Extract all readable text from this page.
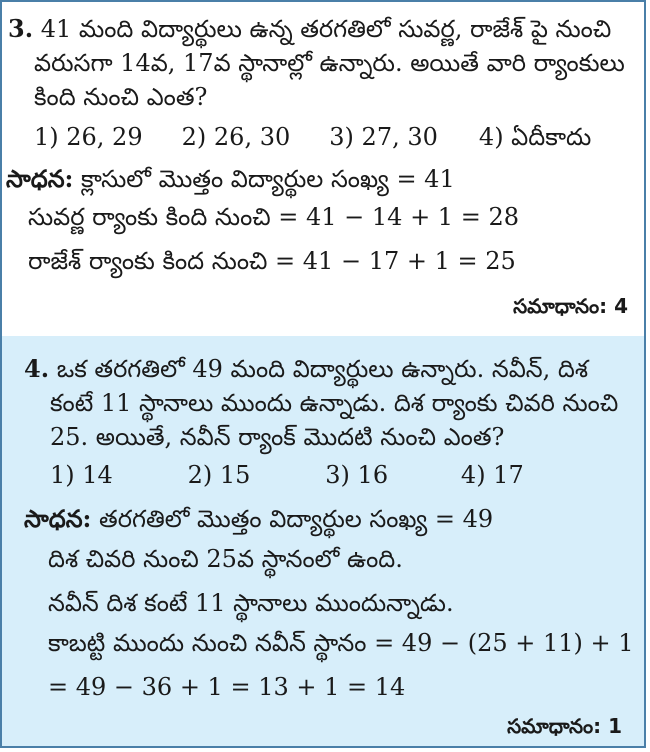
3. 41 మంది విద్యార్థులు ఉన్న తరగతిలో సువర్ణ, రాజేశ్ పై నుంచి
వరుసగా 14వ, 17వ స్థానాల్లో ఉన్నారు. అయితే వారి ర్యాంకులు
కింది నుంచి ఎంత?
1) 26, 29 2) 26, 30 3) 27, 30 4) ఏదీకాదు
సాధన: క్లాసులో మొత్తం విద్యార్థుల సంఖ్య = 41
సువర్ణ ర్యాంకు కింది నుంచి = 41 − 14 + 1 = 28
రాజేశ్ ర్యాంకు కింద నుంచి = 41 − 17 + 1 = 25
సమాధానం: 4
4. ఒక తరగతిలో 49 మంది విద్యార్థులు ఉన్నారు. నవీన్, దిశ
కంటే 11 స్థానాలు ముందు ఉన్నాడు. దిశ ర్యాంకు చివరి నుంచి
25. అయితే, నవీన్ ర్యాంక్ మొదటి నుంచి ఎంత?
1) 14	2) 15	3) 16	4) 17
సాధన: తరగతిలో మొత్తం విద్యార్థుల సంఖ్య = 49
దిశ చివరి నుంచి 25వ స్థానంలో ఉంది.
నవీన్ దిశ కంటే 11 స్థానాలు ముందున్నాడు.
కాబట్టి ముందు నుంచి నవీన్ స్థానం = 49 − (25 + 11) + 1
= 49 − 36 + 1 = 13 + 1 = 14
సమాధానం: 1
